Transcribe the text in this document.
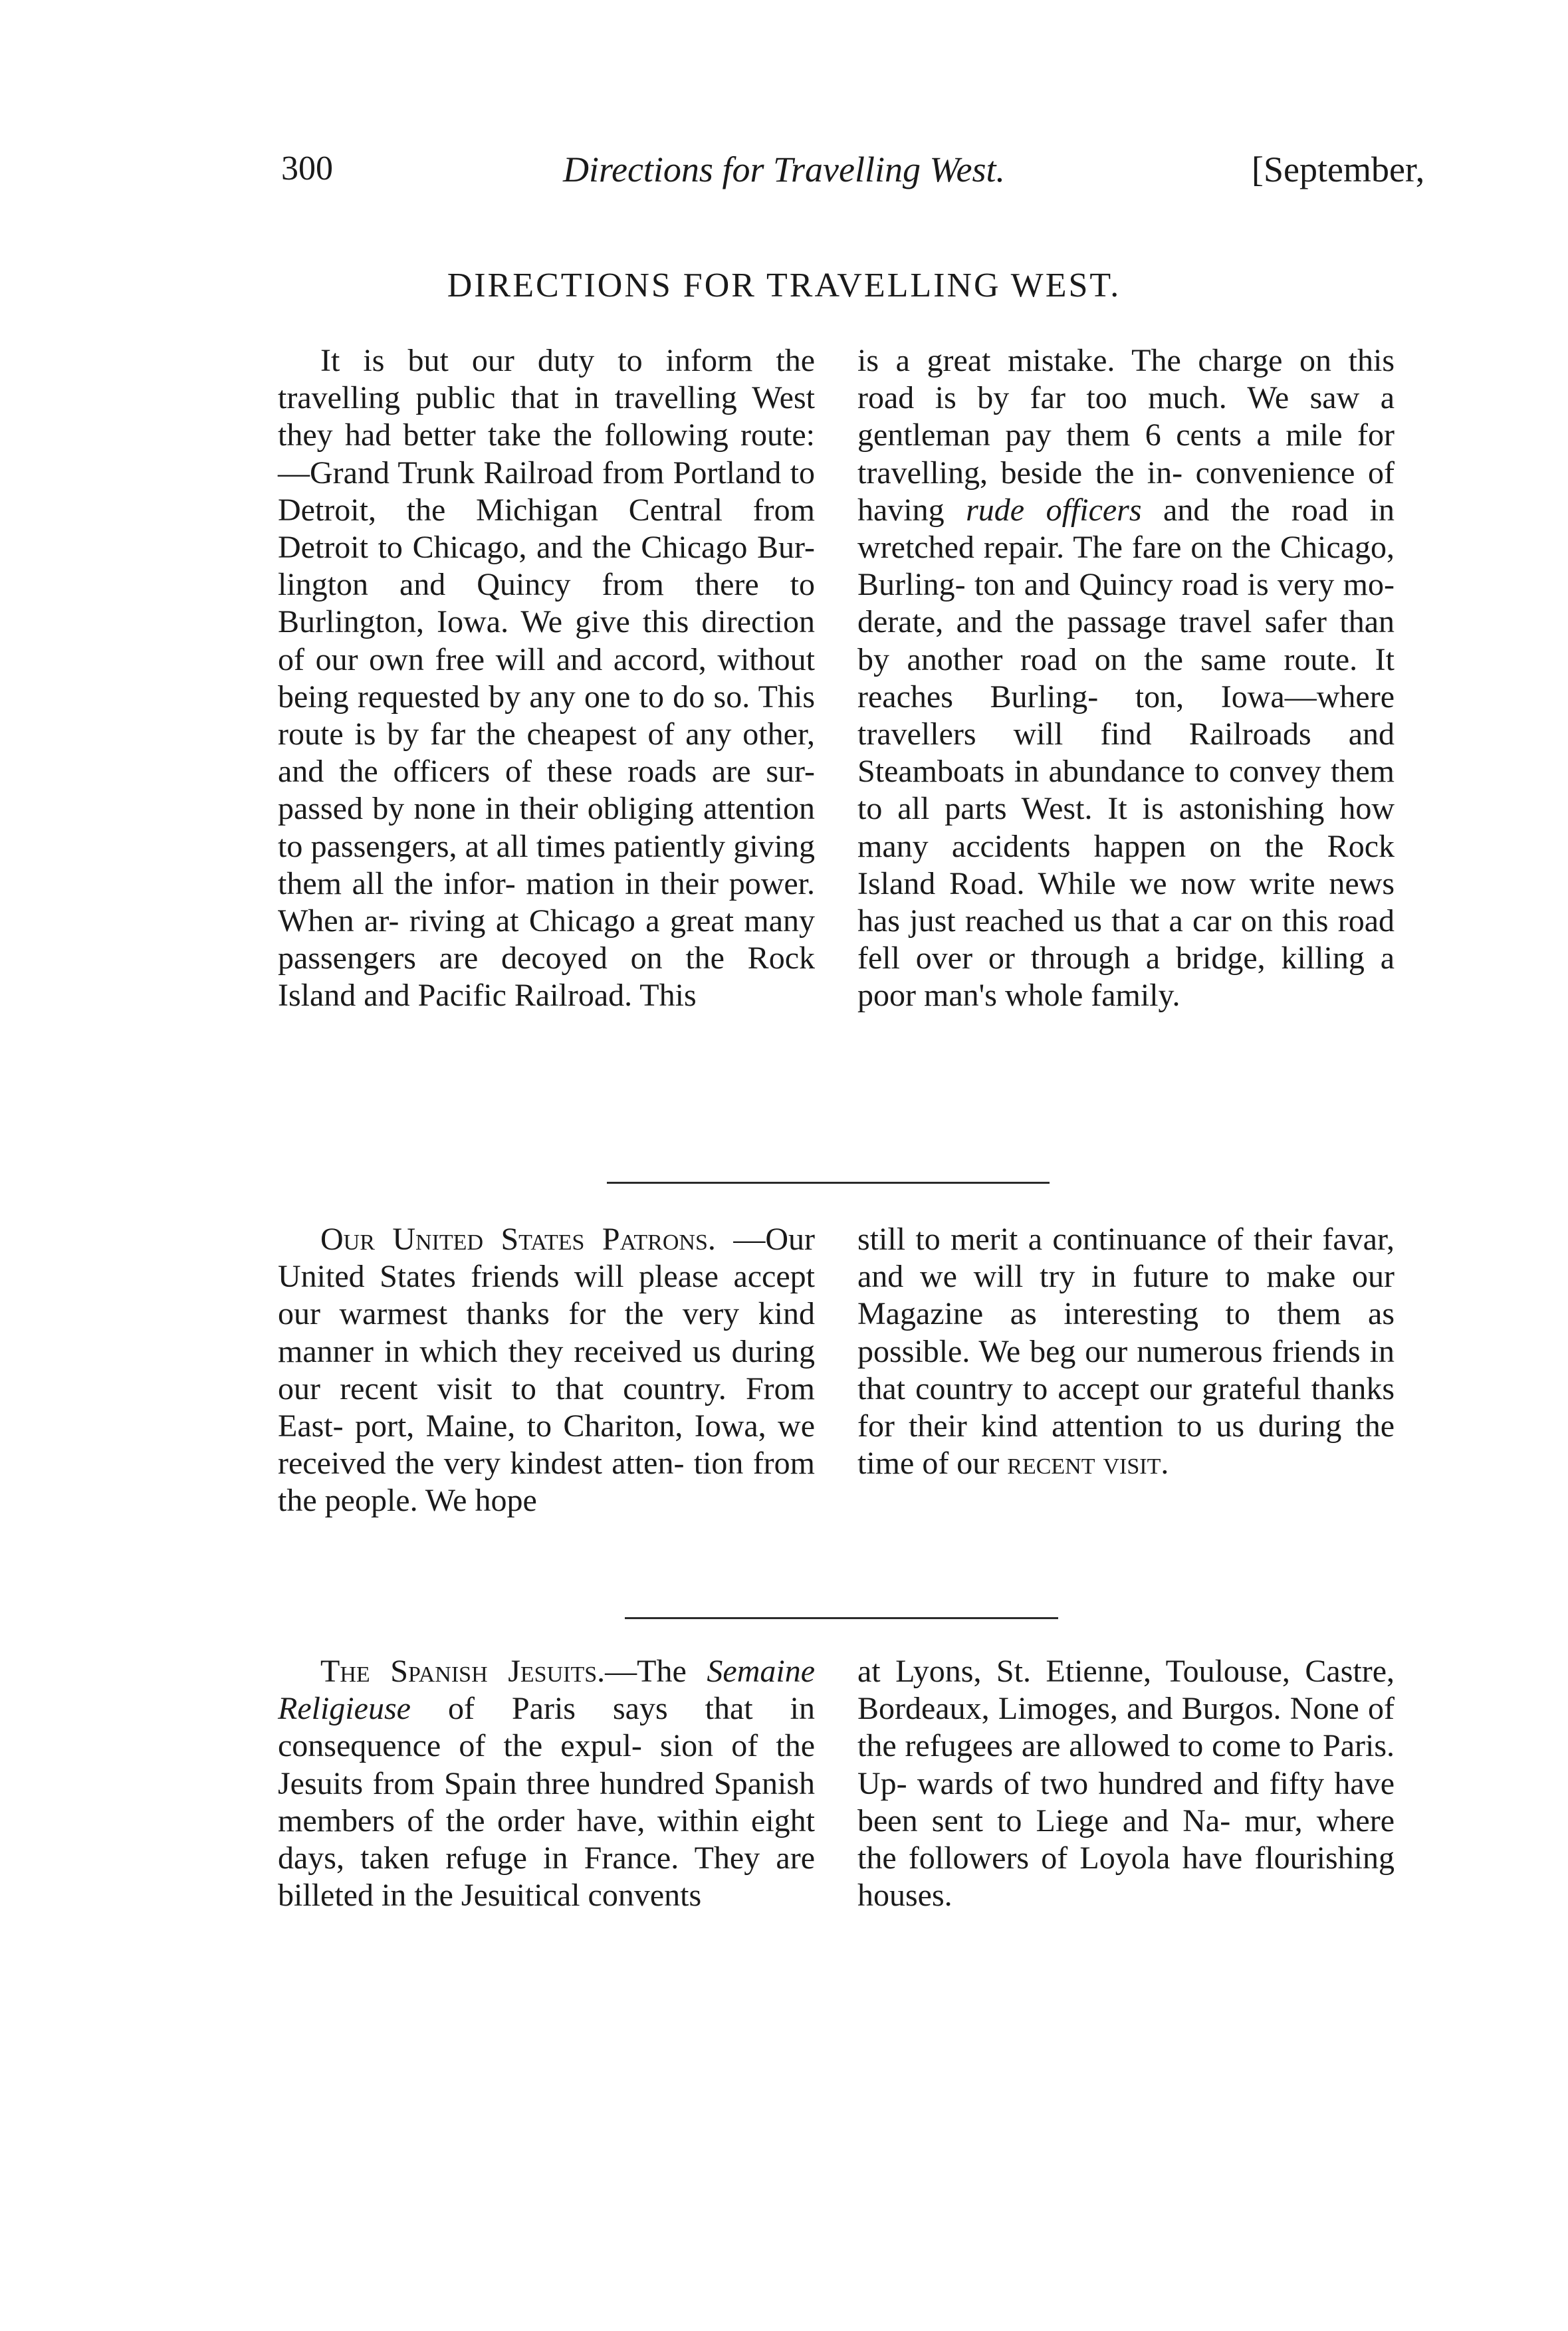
300	Directions for Travelling West.	[September,
DIRECTIONS FOR TRAVELLING WEST.

It is but our duty to inform the travelling public that in travelling West they had better take the following route:—Grand Trunk Railroad from Portland to Detroit, the Michigan Central from Detroit to Chicago, and the Chicago Bur- lington and Quincy from there to Burlington, Iowa. We give this direction of our own free will and accord, without being requested by any one to do so. This route is by far the cheapest of any other, and the officers of these roads are sur- passed by none in their obliging attention to passengers, at all times patiently giving them all the infor- mation in their power. When ar- riving at Chicago a great many passengers are decoyed on the Rock Island and Pacific Railroad. This

is a great mistake. The charge on this road is by far too much. We saw a gentleman pay them 6 cents a mile for travelling, beside the in- convenience of having rude officers and the road in wretched repair. The fare on the Chicago, Burling- ton and Quincy road is very mo- derate, and the passage travel safer than by another road on the same route. It reaches Burling- ton, Iowa—where travellers will find Railroads and Steamboats in abundance to convey them to all parts West. It is astonishing how many accidents happen on the Rock Island Road. While we now write news has just reached us that a car on this road fell over or through a bridge, killing a poor man's whole family.

Our United States Patrons. —Our United States friends will please accept our warmest thanks for the very kind manner in which they received us during our recent visit to that country. From East- port, Maine, to Chariton, Iowa, we received the very kindest atten- tion from the people. We hope

still to merit a continuance of their favar, and we will try in future to make our Magazine as interesting to them as possible. We beg our numerous friends in that country to accept our grateful thanks for their kind attention to us during the time of our recent visit.

The Spanish Jesuits.—The Semaine Religieuse of Paris says that in consequence of the expul- sion of the Jesuits from Spain three hundred Spanish members of the order have, within eight days, taken refuge in France. They are billeted in the Jesuitical convents

at Lyons, St. Etienne, Toulouse, Castre, Bordeaux, Limoges, and Burgos. None of the refugees are allowed to come to Paris. Up- wards of two hundred and fifty have been sent to Liege and Na- mur, where the followers of Loyola have flourishing houses.
